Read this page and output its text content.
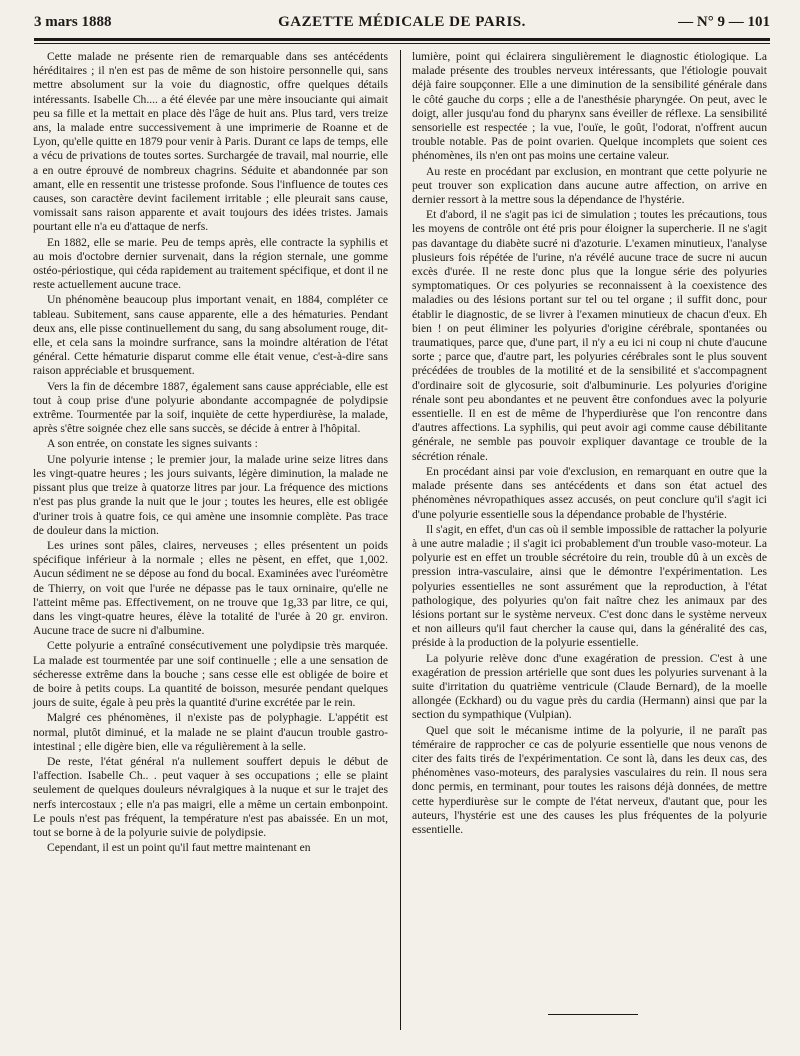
3 mars 1888	GAZETTE MÉDICALE DE PARIS.	— N° 9 — 101

Cette malade ne présente rien de remarquable dans ses antécédents héréditaires ; il n'en est pas de même de son histoire personnelle qui, sans mettre absolument sur la voie du diagnostic, offre quelques détails intéressants. Isabelle Ch.... a été élevée par une mère insouciante qui aimait peu sa fille et la mettait en place dès l'âge de huit ans. Plus tard, vers treize ans, la malade entre successivement à une imprimerie de Roanne et de Lyon, qu'elle quitte en 1879 pour venir à Paris. Durant ce laps de temps, elle a vécu de privations de toutes sortes. Surchargée de travail, mal nourrie, elle a en outre éprouvé de nombreux chagrins. Séduite et abandonnée par son amant, elle en ressentit une tristesse profonde. Sous l'influence de toutes ces causes, son caractère devint facilement irritable ; elle pleurait sans cause, vomissait sans raison apparente et avait toujours des idées tristes. Jamais pourtant elle n'a eu d'attaque de nerfs.

En 1882, elle se marie. Peu de temps après, elle contracte la syphilis et au mois d'octobre dernier survenait, dans la région sternale, une gomme ostéo-périostique, qui céda rapidement au traitement spécifique, et dont il ne reste actuellement aucune trace.

Un phénomène beaucoup plus important venait, en 1884, compléter ce tableau. Subitement, sans cause apparente, elle a des hématuries. Pendant deux ans, elle pisse continuellement du sang, du sang absolument rouge, dit-elle, et cela sans la moindre surfrance, sans la moindre altération de l'état général. Cette hématurie disparut comme elle était venue, c'est-à-dire sans raison appréciable et brusquement.

Vers la fin de décembre 1887, également sans cause appréciable, elle est tout à coup prise d'une polyurie abondante accompagnée de polydipsie extrême. Tourmentée par la soif, inquiète de cette hyperdiurèse, la malade, après s'être soignée chez elle sans succès, se décide à entrer à l'hôpital.

A son entrée, on constate les signes suivants :

Une polyurie intense ; le premier jour, la malade urine seize litres dans les vingt-quatre heures ; les jours suivants, légère diminution, la malade ne pissant plus que treize à quatorze litres par jour. La fréquence des mictions n'est pas plus grande la nuit que le jour ; toutes les heures, elle est obligée d'uriner trois à quatre fois, ce qui amène une insomnie complète. Pas trace de douleur dans la miction.

Les urines sont pâles, claires, nerveuses ; elles présentent un poids spécifique inférieur à la normale ; elles ne pèsent, en effet, que 1,002. Aucun sédiment ne se dépose au fond du bocal. Examinées avec l'uréomètre de Thierry, on voit que l'urée ne dépasse pas le taux orninaire, qu'elle ne l'atteint même pas. Effectivement, on ne trouve que 1g,33 par litre, ce qui, dans les vingt-quatre heures, élève la totalité de l'urée à 20 gr. environ. Aucune trace de sucre ni d'albumine.

Cette polyurie a entraîné consécutivement une polydipsie très marquée. La malade est tourmentée par une soif continuelle ; elle a une sensation de sécheresse extrême dans la bouche ; sans cesse elle est obligée de boire et de boire à petits coups. La quantité de boisson, mesurée pendant quelques jours de suite, égale à peu près la quantité d'urine excrétée par le rein.

Malgré ces phénomènes, il n'existe pas de polyphagie. L'appétit est normal, plutôt diminué, et la malade ne se plaint d'aucun trouble gastro-intestinal ; elle digère bien, elle va régulièrement à la selle.

De reste, l'état général n'a nullement souffert depuis le début de l'affection. Isabelle Ch.. . peut vaquer à ses occupations ; elle se plaint seulement de quelques douleurs névralgiques à la nuque et sur le trajet des nerfs intercostaux ; elle n'a pas maigri, elle a même un certain embonpoint. Le pouls n'est pas fréquent, la température n'est pas abaissée. En un mot, tout se borne à de la polyurie suivie de polydipsie.

Cependant, il est un point qu'il faut mettre maintenant en

lumière, point qui éclairera singulièrement le diagnostic étiologique. La malade présente des troubles nerveux intéressants, que l'étiologie pouvait déjà faire soupçonner. Elle a une diminution de la sensibilité générale dans le côté gauche du corps ; elle a de l'anesthésie pharyngée. On peut, avec le doigt, aller jusqu'au fond du pharynx sans éveiller de réflexe. La sensibilité sensorielle est respectée ; la vue, l'ouïe, le goût, l'odorat, n'offrent aucun trouble notable. Pas de point ovarien. Quelque incomplets que soient ces phénomènes, ils n'en ont pas moins une certaine valeur.

Au reste en procédant par exclusion, en montrant que cette polyurie ne peut trouver son explication dans aucune autre affection, on arrive en dernier ressort à la mettre sous la dépendance de l'hystérie.

Et d'abord, il ne s'agit pas ici de simulation ; toutes les précautions, tous les moyens de contrôle ont été pris pour éloigner la supercherie. Il ne s'agit pas davantage du diabète sucré ni d'azoturie. L'examen minutieux, l'analyse plusieurs fois répétée de l'urine, n'a révélé aucune trace de sucre ni aucun excès d'urée. Il ne reste donc plus que la longue série des polyuries symptomatiques. Or ces polyuries se reconnaissent à la coexistence des maladies ou des lésions portant sur tel ou tel organe ; il suffit donc, pour établir le diagnostic, de se livrer à l'examen minutieux de chacun d'eux. Eh bien ! on peut éliminer les polyuries d'origine cérébrale, spontanées ou traumatiques, parce que, d'une part, il n'y a eu ici ni coup ni chute d'aucune sorte ; parce que, d'autre part, les polyuries cérébrales sont le plus souvent précédées de troubles de la motilité et de la sensibilité et s'accompagnent d'ordinaire soit de glycosurie, soit d'albuminurie. Les polyuries d'origine rénale sont peu abondantes et ne peuvent être confondues avec la polyurie essentielle. Il en est de même de l'hyperdiurèse que l'on rencontre dans d'autres affections. La syphilis, qui peut avoir agi comme cause débilitante générale, ne semble pas pouvoir expliquer davantage ce trouble de la sécrétion rénale.

En procédant ainsi par voie d'exclusion, en remarquant en outre que la malade présente dans ses antécédents et dans son état actuel des phénomènes névropathiques assez accusés, on peut conclure qu'il s'agit ici d'une polyurie essentielle sous la dépendance probable de l'hystérie.

Il s'agit, en effet, d'un cas où il semble impossible de rattacher la polyurie à une autre maladie ; il s'agit ici probablement d'un trouble vaso-moteur. La polyurie est en effet un trouble sécrétoire du rein, trouble dû à un excès de pression intra-vasculaire, ainsi que le démontre l'expérimentation. Les polyuries essentielles ne sont assurément que la reproduction, à l'état pathologique, des polyuries qu'on fait naître chez les animaux par des lésions portant sur le système nerveux. C'est donc dans le système nerveux et non ailleurs qu'il faut chercher la cause qui, dans la généralité des cas, préside à la production de la polyurie essentielle.

La polyurie relève donc d'une exagération de pression. C'est à une exagération de pression artérielle que sont dues les polyuries survenant à la suite d'irritation du quatrième ventricule (Claude Bernard), de la moelle allongée (Eckhard) ou du vague près du cardia (Hermann) ainsi que par la section du sympathique (Vulpian).

Quel que soit le mécanisme intime de la polyurie, il ne paraît pas téméraire de rapprocher ce cas de polyurie essentielle que nous venons de citer des faits tirés de l'expérimentation. Ce sont là, dans les deux cas, des phénomènes vaso-moteurs, des paralysies vasculaires du rein. Il nous sera donc permis, en terminant, pour toutes les raisons déjà données, de mettre cette hyperdiurèse sur le compte de l'état nerveux, d'autant que, pour les auteurs, l'hystérie est une des causes les plus fréquentes de la polyurie essentielle.
